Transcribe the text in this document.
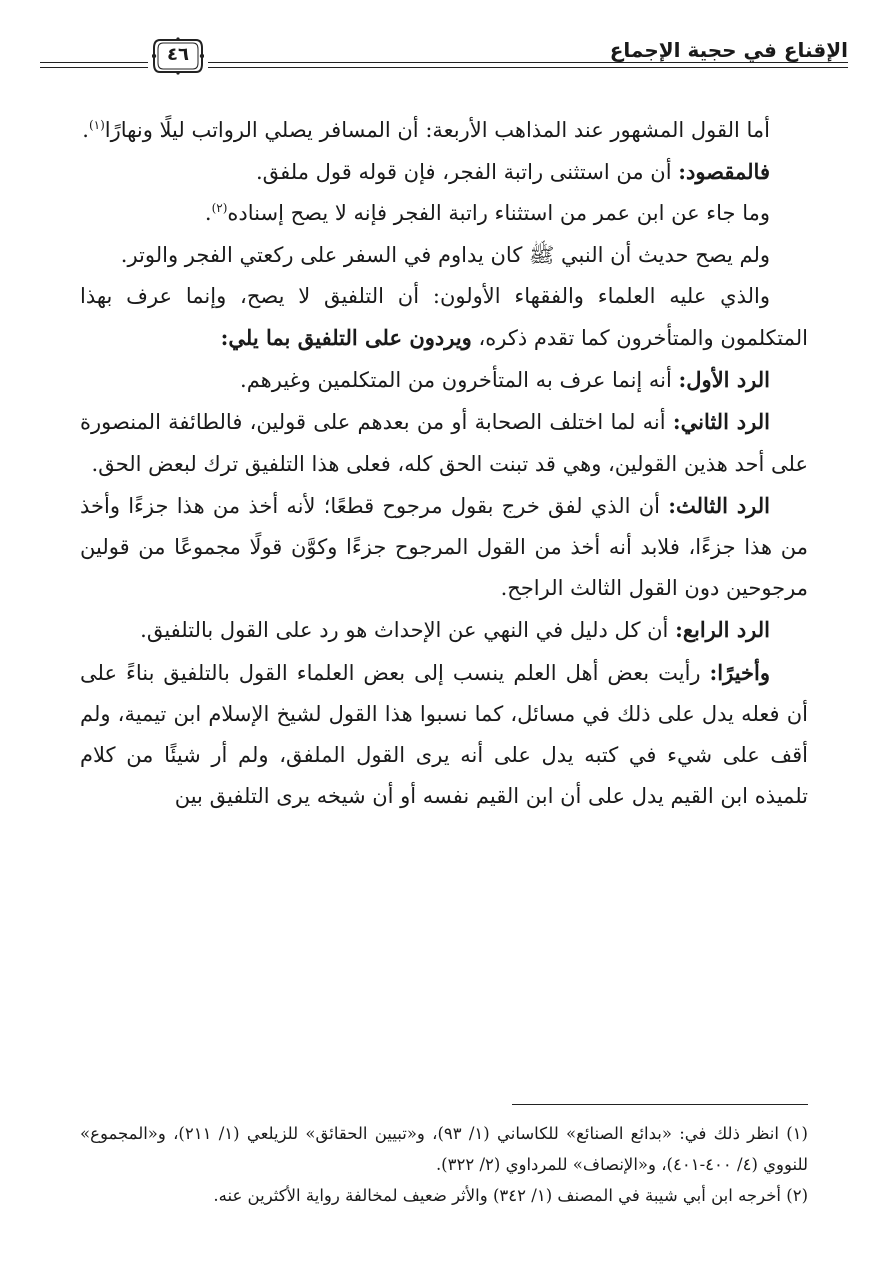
٤٦	الإقناع في حجية الإجماع

أما القول المشهور عند المذاهب الأربعة: أن المسافر يصلي الرواتب ليلًا ونهارًا$^{(١)}$.

فالمقصود: أن من استثنى راتبة الفجر، فإن قوله قول ملفق.

وما جاء عن ابن عمر من استثناء راتبة الفجر فإنه لا يصح إسناده$^{(٢)}$.

ولم يصح حديث أن النبي ﷺ كان يداوم في السفر على ركعتي الفجر والوتر.

والذي عليه العلماء والفقهاء الأولون: أن التلفيق لا يصح، وإنما عرف بهذا المتكلمون والمتأخرون كما تقدم ذكره، ويردون على التلفيق بما يلي:

الرد الأول: أنه إنما عرف به المتأخرون من المتكلمين وغيرهم.

الرد الثاني: أنه لما اختلف الصحابة أو من بعدهم على قولين، فالطائفة المنصورة على أحد هذين القولين، وهي قد تبنت الحق كله، فعلى هذا التلفيق ترك لبعض الحق.

الرد الثالث: أن الذي لفق خرج بقول مرجوح قطعًا؛ لأنه أخذ من هذا جزءًا وأخذ من هذا جزءًا، فلابد أنه أخذ من القول المرجوح جزءًا وكوَّن قولًا مجموعًا من قولين مرجوحين دون القول الثالث الراجح.

الرد الرابع: أن كل دليل في النهي عن الإحداث هو رد على القول بالتلفيق.

وأخيرًا: رأيت بعض أهل العلم ينسب إلى بعض العلماء القول بالتلفيق بناءً على أن فعله يدل على ذلك في مسائل، كما نسبوا هذا القول لشيخ الإسلام ابن تيمية، ولم أقف على شيء في كتبه يدل على أنه يرى القول الملفق، ولم أر شيئًا من كلام تلميذه ابن القيم يدل على أن ابن القيم نفسه أو أن شيخه يرى التلفيق بين

(١) انظر ذلك في: «بدائع الصنائع» للكاساني (١/ ٩٣)، و«تبيين الحقائق» للزيلعي (١/ ٢١١)، و«المجموع» للنووي (٤/ ٤٠٠-٤٠١)، و«الإنصاف» للمرداوي (٢/ ٣٢٢).

(٢) أخرجه ابن أبي شيبة في المصنف (١/ ٣٤٢) والأثر ضعيف لمخالفة رواية الأكثرين عنه.
